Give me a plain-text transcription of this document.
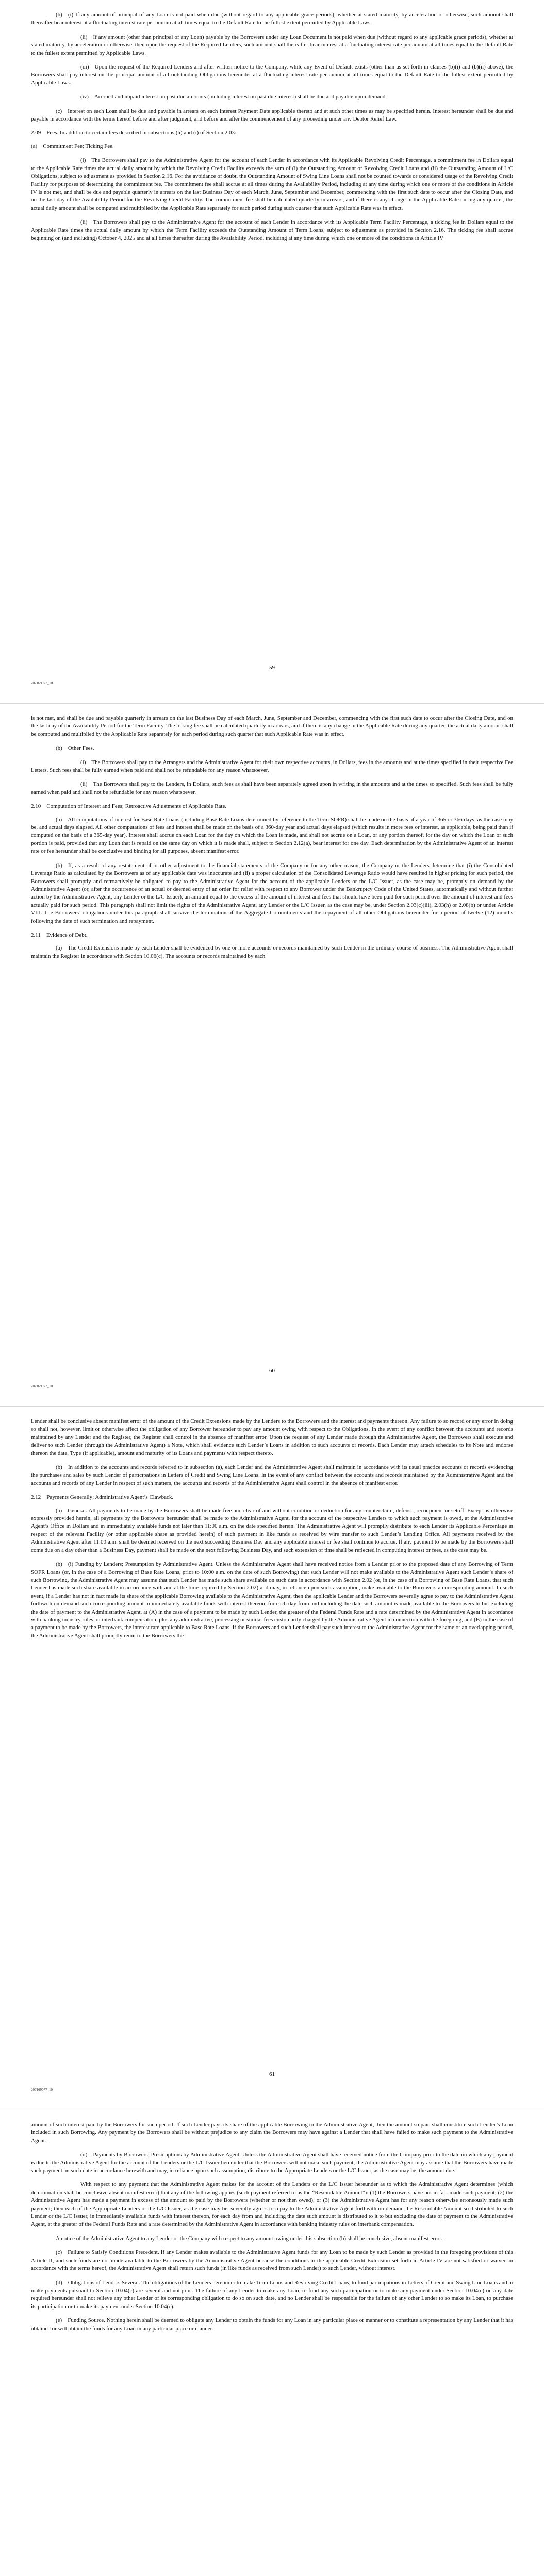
(b) (i) If any amount of principal of any Loan is not paid when due (without regard to any applicable grace periods), whether at stated maturity, by acceleration or otherwise, such amount shall thereafter bear interest at a fluctuating interest rate per annum at all times equal to the Default Rate to the fullest extent permitted by Applicable Laws.

(ii) If any amount (other than principal of any Loan) payable by the Borrowers under any Loan Document is not paid when due (without regard to any applicable grace periods), whether at stated maturity, by acceleration or otherwise, then upon the request of the Required Lenders, such amount shall thereafter bear interest at a fluctuating interest rate per annum at all times equal to the Default Rate to the fullest extent permitted by Applicable Laws.

(iii) Upon the request of the Required Lenders and after written notice to the Company, while any Event of Default exists (other than as set forth in clauses (b)(i) and (b)(ii) above), the Borrowers shall pay interest on the principal amount of all outstanding Obligations hereunder at a fluctuating interest rate per annum at all times equal to the Default Rate to the fullest extent permitted by Applicable Laws.

(iv) Accrued and unpaid interest on past due amounts (including interest on past due interest) shall be due and payable upon demand.

(c) Interest on each Loan shall be due and payable in arrears on each Interest Payment Date applicable thereto and at such other times as may be specified herein. Interest hereunder shall be due and payable in accordance with the terms hereof before and after judgment, and before and after the commencement of any proceeding under any Debtor Relief Law.

2.09 Fees. In addition to certain fees described in subsections (h) and (i) of Section 2.03:

(a) Commitment Fee; Ticking Fee.

(i) The Borrowers shall pay to the Administrative Agent for the account of each Lender in accordance with its Applicable Revolving Credit Percentage, a commitment fee in Dollars equal to the Applicable Rate times the actual daily amount by which the Revolving Credit Facility exceeds the sum of (i) the Outstanding Amount of Revolving Credit Loans and (ii) the Outstanding Amount of L/C Obligations, subject to adjustment as provided in Section 2.16. For the avoidance of doubt, the Outstanding Amount of Swing Line Loans shall not be counted towards or considered usage of the Revolving Credit Facility for purposes of determining the commitment fee. The commitment fee shall accrue at all times during the Availability Period, including at any time during which one or more of the conditions in Article IV is not met, and shall be due and payable quarterly in arrears on the last Business Day of each March, June, September and December, commencing with the first such date to occur after the Closing Date, and on the last day of the Availability Period for the Revolving Credit Facility. The commitment fee shall be calculated quarterly in arrears, and if there is any change in the Applicable Rate during any quarter, the actual daily amount shall be computed and multiplied by the Applicable Rate separately for each period during such quarter that such Applicable Rate was in effect.

(ii) The Borrowers shall pay to the Administrative Agent for the account of each Lender in accordance with its Applicable Term Facility Percentage, a ticking fee in Dollars equal to the Applicable Rate times the actual daily amount by which the Term Facility exceeds the Outstanding Amount of Term Loans, subject to adjustment as provided in Section 2.16. The ticking fee shall accrue beginning on (and including) October 4, 2025 and at all times thereafter during the Availability Period, including at any time during which one or more of the conditions in Article IV

59
207169077_10

is not met, and shall be due and payable quarterly in arrears on the last Business Day of each March, June, September and December, commencing with the first such date to occur after the Closing Date, and on the last day of the Availability Period for the Term Facility. The ticking fee shall be calculated quarterly in arrears, and if there is any change in the Applicable Rate during any quarter, the actual daily amount shall be computed and multiplied by the Applicable Rate separately for each period during such quarter that such Applicable Rate was in effect.

(b) Other Fees.

(i) The Borrowers shall pay to the Arrangers and the Administrative Agent for their own respective accounts, in Dollars, fees in the amounts and at the times specified in their respective Fee Letters. Such fees shall be fully earned when paid and shall not be refundable for any reason whatsoever.

(ii) The Borrowers shall pay to the Lenders, in Dollars, such fees as shall have been separately agreed upon in writing in the amounts and at the times so specified. Such fees shall be fully earned when paid and shall not be refundable for any reason whatsoever.

2.10 Computation of Interest and Fees; Retroactive Adjustments of Applicable Rate.

(a) All computations of interest for Base Rate Loans (including Base Rate Loans determined by reference to the Term SOFR) shall be made on the basis of a year of 365 or 366 days, as the case may be, and actual days elapsed. All other computations of fees and interest shall be made on the basis of a 360-day year and actual days elapsed (which results in more fees or interest, as applicable, being paid than if computed on the basis of a 365-day year). Interest shall accrue on each Loan for the day on which the Loan is made, and shall not accrue on a Loan, or any portion thereof, for the day on which the Loan or such portion is paid, provided that any Loan that is repaid on the same day on which it is made shall, subject to Section 2.12(a), bear interest for one day. Each determination by the Administrative Agent of an interest rate or fee hereunder shall be conclusive and binding for all purposes, absent manifest error.

(b) If, as a result of any restatement of or other adjustment to the financial statements of the Company or for any other reason, the Company or the Lenders determine that (i) the Consolidated Leverage Ratio as calculated by the Borrowers as of any applicable date was inaccurate and (ii) a proper calculation of the Consolidated Leverage Ratio would have resulted in higher pricing for such period, the Borrowers shall promptly and retroactively be obligated to pay to the Administrative Agent for the account of the applicable Lenders or the L/C Issuer, as the case may be, promptly on demand by the Administrative Agent (or, after the occurrence of an actual or deemed entry of an order for relief with respect to any Borrower under the Bankruptcy Code of the United States, automatically and without further action by the Administrative Agent, any Lender or the L/C Issuer), an amount equal to the excess of the amount of interest and fees that should have been paid for such period over the amount of interest and fees actually paid for such period. This paragraph shall not limit the rights of the Administrative Agent, any Lender or the L/C Issuer, as the case may be, under Section 2.03(c)(iii), 2.03(h) or 2.08(b) or under Article VIII. The Borrowers’ obligations under this paragraph shall survive the termination of the Aggregate Commitments and the repayment of all other Obligations hereunder for a period of twelve (12) months following the date of such termination and repayment.

2.11 Evidence of Debt.

(a) The Credit Extensions made by each Lender shall be evidenced by one or more accounts or records maintained by such Lender in the ordinary course of business. The Administrative Agent shall maintain the Register in accordance with Section 10.06(c). The accounts or records maintained by each

60
207169077_10

Lender shall be conclusive absent manifest error of the amount of the Credit Extensions made by the Lenders to the Borrowers and the interest and payments thereon. Any failure to so record or any error in doing so shall not, however, limit or otherwise affect the obligation of any Borrower hereunder to pay any amount owing with respect to the Obligations. In the event of any conflict between the accounts and records maintained by any Lender and the Register, the Register shall control in the absence of manifest error. Upon the request of any Lender made through the Administrative Agent, the Borrowers shall execute and deliver to such Lender (through the Administrative Agent) a Note, which shall evidence such Lender’s Loans in addition to such accounts or records. Each Lender may attach schedules to its Note and endorse thereon the date, Type (if applicable), amount and maturity of its Loans and payments with respect thereto.

(b) In addition to the accounts and records referred to in subsection (a), each Lender and the Administrative Agent shall maintain in accordance with its usual practice accounts or records evidencing the purchases and sales by such Lender of participations in Letters of Credit and Swing Line Loans. In the event of any conflict between the accounts and records maintained by the Administrative Agent and the accounts and records of any Lender in respect of such matters, the accounts and records of the Administrative Agent shall control in the absence of manifest error.

2.12 Payments Generally; Administrative Agent’s Clawback.

(a) General. All payments to be made by the Borrowers shall be made free and clear of and without condition or deduction for any counterclaim, defense, recoupment or setoff. Except as otherwise expressly provided herein, all payments by the Borrowers hereunder shall be made to the Administrative Agent, for the account of the respective Lenders to which such payment is owed, at the Administrative Agent’s Office in Dollars and in immediately available funds not later than 11:00 a.m. on the date specified herein. The Administrative Agent will promptly distribute to each Lender its Applicable Percentage in respect of the relevant Facility (or other applicable share as provided herein) of such payment in like funds as received by wire transfer to such Lender’s Lending Office. All payments received by the Administrative Agent after 11:00 a.m. shall be deemed received on the next succeeding Business Day and any applicable interest or fee shall continue to accrue. If any payment to be made by the Borrowers shall come due on a day other than a Business Day, payment shall be made on the next following Business Day, and such extension of time shall be reflected in computing interest or fees, as the case may be.

(b) (i) Funding by Lenders; Presumption by Administrative Agent. Unless the Administrative Agent shall have received notice from a Lender prior to the proposed date of any Borrowing of Term SOFR Loans (or, in the case of a Borrowing of Base Rate Loans, prior to 10:00 a.m. on the date of such Borrowing) that such Lender will not make available to the Administrative Agent such Lender’s share of such Borrowing, the Administrative Agent may assume that such Lender has made such share available on such date in accordance with Section 2.02 (or, in the case of a Borrowing of Base Rate Loans, that such Lender has made such share available in accordance with and at the time required by Section 2.02) and may, in reliance upon such assumption, make available to the Borrowers a corresponding amount. In such event, if a Lender has not in fact made its share of the applicable Borrowing available to the Administrative Agent, then the applicable Lender and the Borrowers severally agree to pay to the Administrative Agent forthwith on demand such corresponding amount in immediately available funds with interest thereon, for each day from and including the date such amount is made available to the Borrowers to but excluding the date of payment to the Administrative Agent, at (A) in the case of a payment to be made by such Lender, the greater of the Federal Funds Rate and a rate determined by the Administrative Agent in accordance with banking industry rules on interbank compensation, plus any administrative, processing or similar fees customarily charged by the Administrative Agent in connection with the foregoing, and (B) in the case of a payment to be made by the Borrowers, the interest rate applicable to Base Rate Loans. If the Borrowers and such Lender shall pay such interest to the Administrative Agent for the same or an overlapping period, the Administrative Agent shall promptly remit to the Borrowers the

61
207169077_10

amount of such interest paid by the Borrowers for such period. If such Lender pays its share of the applicable Borrowing to the Administrative Agent, then the amount so paid shall constitute such Lender’s Loan included in such Borrowing. Any payment by the Borrowers shall be without prejudice to any claim the Borrowers may have against a Lender that shall have failed to make such payment to the Administrative Agent.

(ii) Payments by Borrowers; Presumptions by Administrative Agent. Unless the Administrative Agent shall have received notice from the Company prior to the date on which any payment is due to the Administrative Agent for the account of the Lenders or the L/C Issuer hereunder that the Borrowers will not make such payment, the Administrative Agent may assume that the Borrowers have made such payment on such date in accordance herewith and may, in reliance upon such assumption, distribute to the Appropriate Lenders or the L/C Issuer, as the case may be, the amount due.

With respect to any payment that the Administrative Agent makes for the account of the Lenders or the L/C Issuer hereunder as to which the Administrative Agent determines (which determination shall be conclusive absent manifest error) that any of the following applies (such payment referred to as the “Rescindable Amount”): (1) the Borrowers have not in fact made such payment; (2) the Administrative Agent has made a payment in excess of the amount so paid by the Borrowers (whether or not then owed); or (3) the Administrative Agent has for any reason otherwise erroneously made such payment; then each of the Appropriate Lenders or the L/C Issuer, as the case may be, severally agrees to repay to the Administrative Agent forthwith on demand the Rescindable Amount so distributed to such Lender or the L/C Issuer, in immediately available funds with interest thereon, for each day from and including the date such amount is distributed to it to but excluding the date of payment to the Administrative Agent, at the greater of the Federal Funds Rate and a rate determined by the Administrative Agent in accordance with banking industry rules on interbank compensation.

A notice of the Administrative Agent to any Lender or the Company with respect to any amount owing under this subsection (b) shall be conclusive, absent manifest error.

(c) Failure to Satisfy Conditions Precedent. If any Lender makes available to the Administrative Agent funds for any Loan to be made by such Lender as provided in the foregoing provisions of this Article II, and such funds are not made available to the Borrowers by the Administrative Agent because the conditions to the applicable Credit Extension set forth in Article IV are not satisfied or waived in accordance with the terms hereof, the Administrative Agent shall return such funds (in like funds as received from such Lender) to such Lender, without interest.

(d) Obligations of Lenders Several. The obligations of the Lenders hereunder to make Term Loans and Revolving Credit Loans, to fund participations in Letters of Credit and Swing Line Loans and to make payments pursuant to Section 10.04(c) are several and not joint. The failure of any Lender to make any Loan, to fund any such participation or to make any payment under Section 10.04(c) on any date required hereunder shall not relieve any other Lender of its corresponding obligation to do so on such date, and no Lender shall be responsible for the failure of any other Lender to so make its Loan, to purchase its participation or to make its payment under Section 10.04(c).

(e) Funding Source. Nothing herein shall be deemed to obligate any Lender to obtain the funds for any Loan in any particular place or manner or to constitute a representation by any Lender that it has obtained or will obtain the funds for any Loan in any particular place or manner.
